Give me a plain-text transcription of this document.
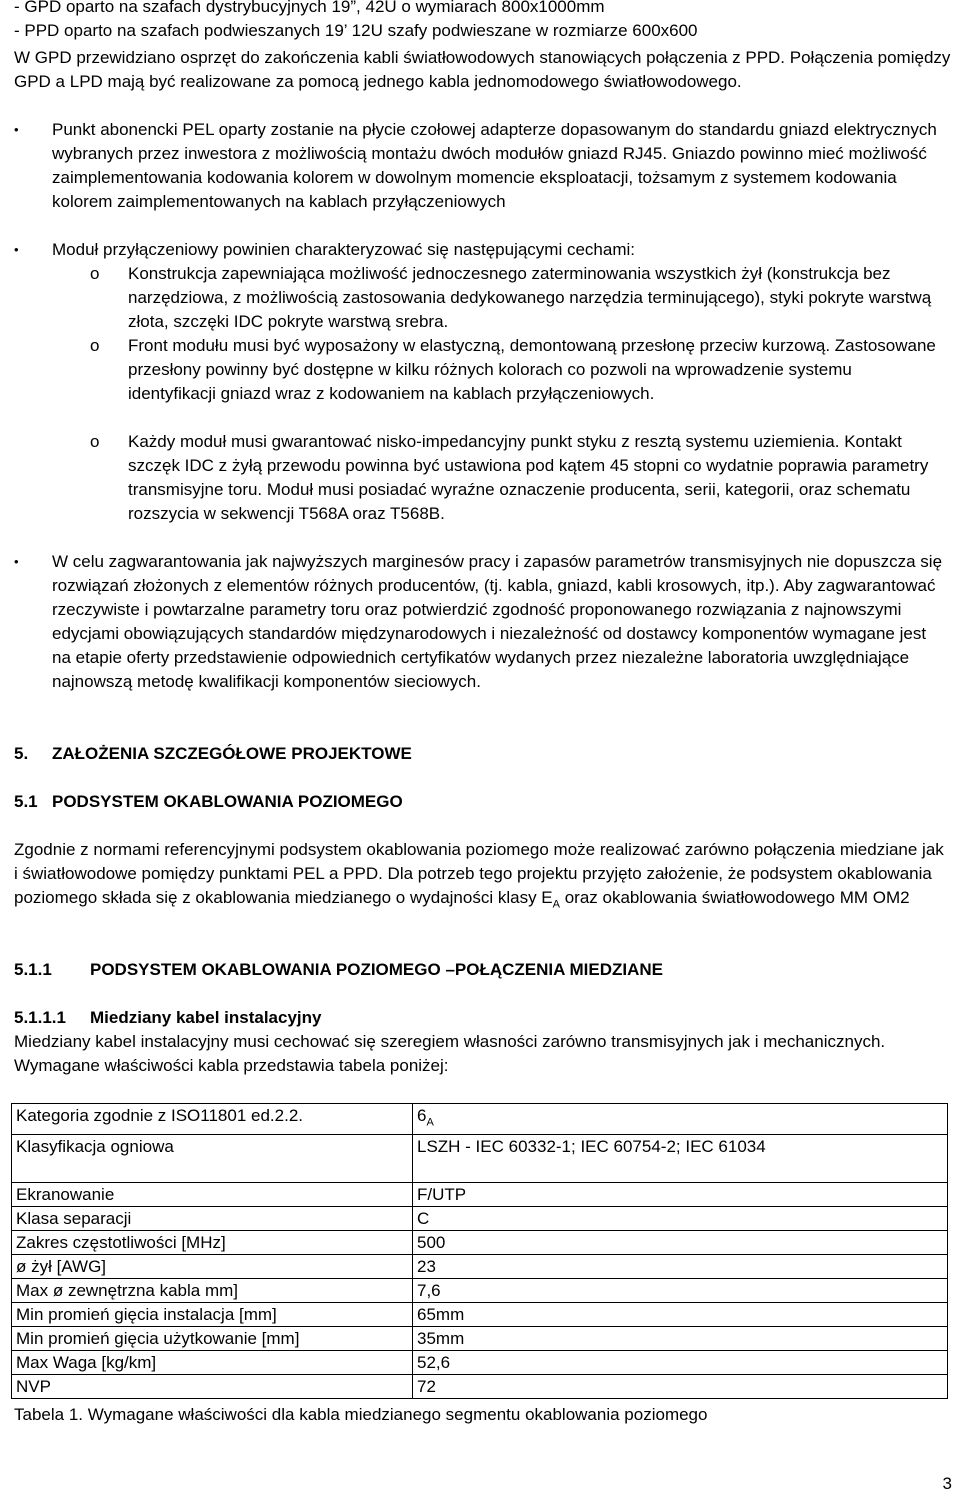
- GPD oparto na szafach dystrybucyjnych 19”, 42U o wymiarach 800x1000mm
- PPD oparto na szafach podwieszanych 19’ 12U szafy podwieszane w rozmiarze 600x600
W GPD przewidziano osprzęt do zakończenia kabli światłowodowych stanowiących połączenia z PPD. Połączenia pomiędzy GPD a LPD mają być realizowane za pomocą jednego kabla jednomodowego światłowodowego.
• Punkt abonencki PEL oparty zostanie na płycie czołowej adapterze dopasowanym do standardu gniazd elektrycznych wybranych przez inwestora z możliwością montażu dwóch modułów gniazd RJ45. Gniazdo powinno mieć możliwość zaimplementowania kodowania kolorem w dowolnym momencie eksploatacji, tożsamym z systemem kodowania kolorem zaimplementowanych na kablach przyłączeniowych
• Moduł przyłączeniowy powinien charakteryzować się następującymi cechami:
o Konstrukcja zapewniająca możliwość jednoczesnego zaterminowania wszystkich żył (konstrukcja bez narzędziowa, z możliwością zastosowania dedykowanego narzędzia terminującego), styki pokryte warstwą złota, szczęki IDC pokryte warstwą srebra.
o Front modułu musi być wyposażony w elastyczną, demontowaną przesłonę przeciw kurzową. Zastosowane przesłony powinny być dostępne w kilku różnych kolorach co pozwoli na wprowadzenie systemu identyfikacji gniazd wraz z kodowaniem na kablach przyłączeniowych.
o Każdy moduł musi gwarantować nisko-impedancyjny punkt styku z resztą systemu uziemienia. Kontakt szczęk IDC z żyłą przewodu powinna być ustawiona pod kątem 45 stopni co wydatnie poprawia parametry transmisyjne toru. Moduł musi posiadać wyraźne oznaczenie producenta, serii, kategorii, oraz schematu rozszycia w sekwencji T568A oraz T568B.
• W celu zagwarantowania jak najwyższych marginesów pracy i zapasów parametrów transmisyjnych nie dopuszcza się rozwiązań złożonych z elementów różnych producentów, (tj. kabla, gniazd, kabli krosowych, itp.). Aby zagwarantować rzeczywiste i powtarzalne parametry toru oraz potwierdzić zgodność proponowanego rozwiązania z najnowszymi edycjami obowiązujących standardów międzynarodowych i niezależność od dostawcy komponentów wymagane jest na etapie oferty przedstawienie odpowiednich certyfikatów wydanych przez niezależne laboratoria uwzględniające najnowszą metodę kwalifikacji komponentów sieciowych.
5. ZAŁOŻENIA SZCZEGÓŁOWE PROJEKTOWE
5.1 PODSYSTEM OKABLOWANIA POZIOMEGO
Zgodnie z normami referencyjnymi podsystem okablowania poziomego może realizować zarówno połączenia miedziane jak i światłowodowe pomiędzy punktami PEL a PPD. Dla potrzeb tego projektu przyjęto założenie, że podsystem okablowania poziomego składa się z okablowania miedzianego o wydajności klasy $E_A$ oraz okablowania światłowodowego MM OM2
5.1.1 PODSYSTEM OKABLOWANIA POZIOMEGO –POŁĄCZENIA MIEDZIANE
5.1.1.1 Miedziany kabel instalacyjny
Miedziany kabel instalacyjny musi cechować się szeregiem własności zarówno transmisyjnych jak i mechanicznych. Wymagane właściwości kabla przedstawia tabela poniżej:
Kategoria zgodnie z ISO11801 ed.2.2.	$6_A$
Klasyfikacja ogniowa	LSZH - IEC 60332-1; IEC 60754-2; IEC 61034
Ekranowanie	F/UTP
Klasa separacji	C
Zakres częstotliwości [MHz]	500
ø żył [AWG]	23
Max ø zewnętrzna kabla mm]	7,6
Min promień gięcia instalacja [mm]	65mm
Min promień gięcia użytkowanie [mm]	35mm
Max Waga [kg/km]	52,6
NVP	72
Tabela 1. Wymagane właściwości dla kabla miedzianego segmentu okablowania poziomego
3
